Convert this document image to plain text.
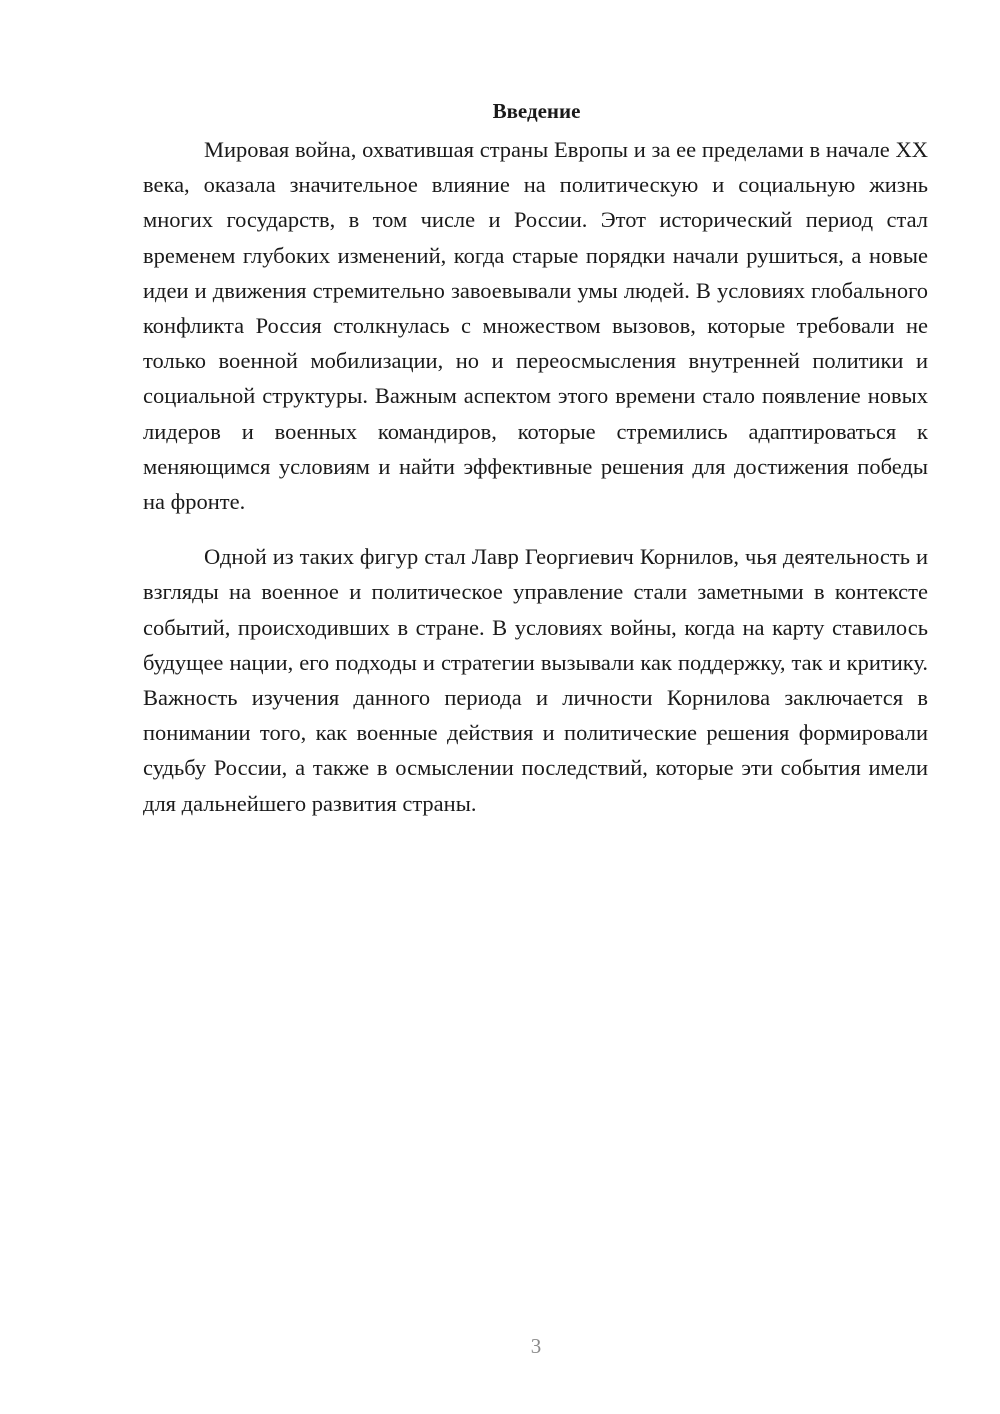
Введение

Мировая война, охватившая страны Европы и за ее пределами в начале XX века, оказала значительное влияние на политическую и социальную жизнь многих государств, в том числе и России. Этот исторический период стал временем глубоких изменений, когда старые порядки начали рушиться, а новые идеи и движения стремительно завоевывали умы людей. В условиях глобального конфликта Россия столкнулась с множеством вызовов, которые требовали не только военной мобилизации, но и переосмысления внутренней политики и социальной структуры. Важным аспектом этого времени стало появление новых лидеров и военных командиров, которые стремились адаптироваться к меняющимся условиям и найти эффективные решения для достижения победы на фронте.

Одной из таких фигур стал Лавр Георгиевич Корнилов, чья деятельность и взгляды на военное и политическое управление стали заметными в контексте событий, происходивших в стране. В условиях войны, когда на карту ставилось будущее нации, его подходы и стратегии вызывали как поддержку, так и критику. Важность изучения данного периода и личности Корнилова заключается в понимании того, как военные действия и политические решения формировали судьбу России, а также в осмыслении последствий, которые эти события имели для дальнейшего развития страны.

3
